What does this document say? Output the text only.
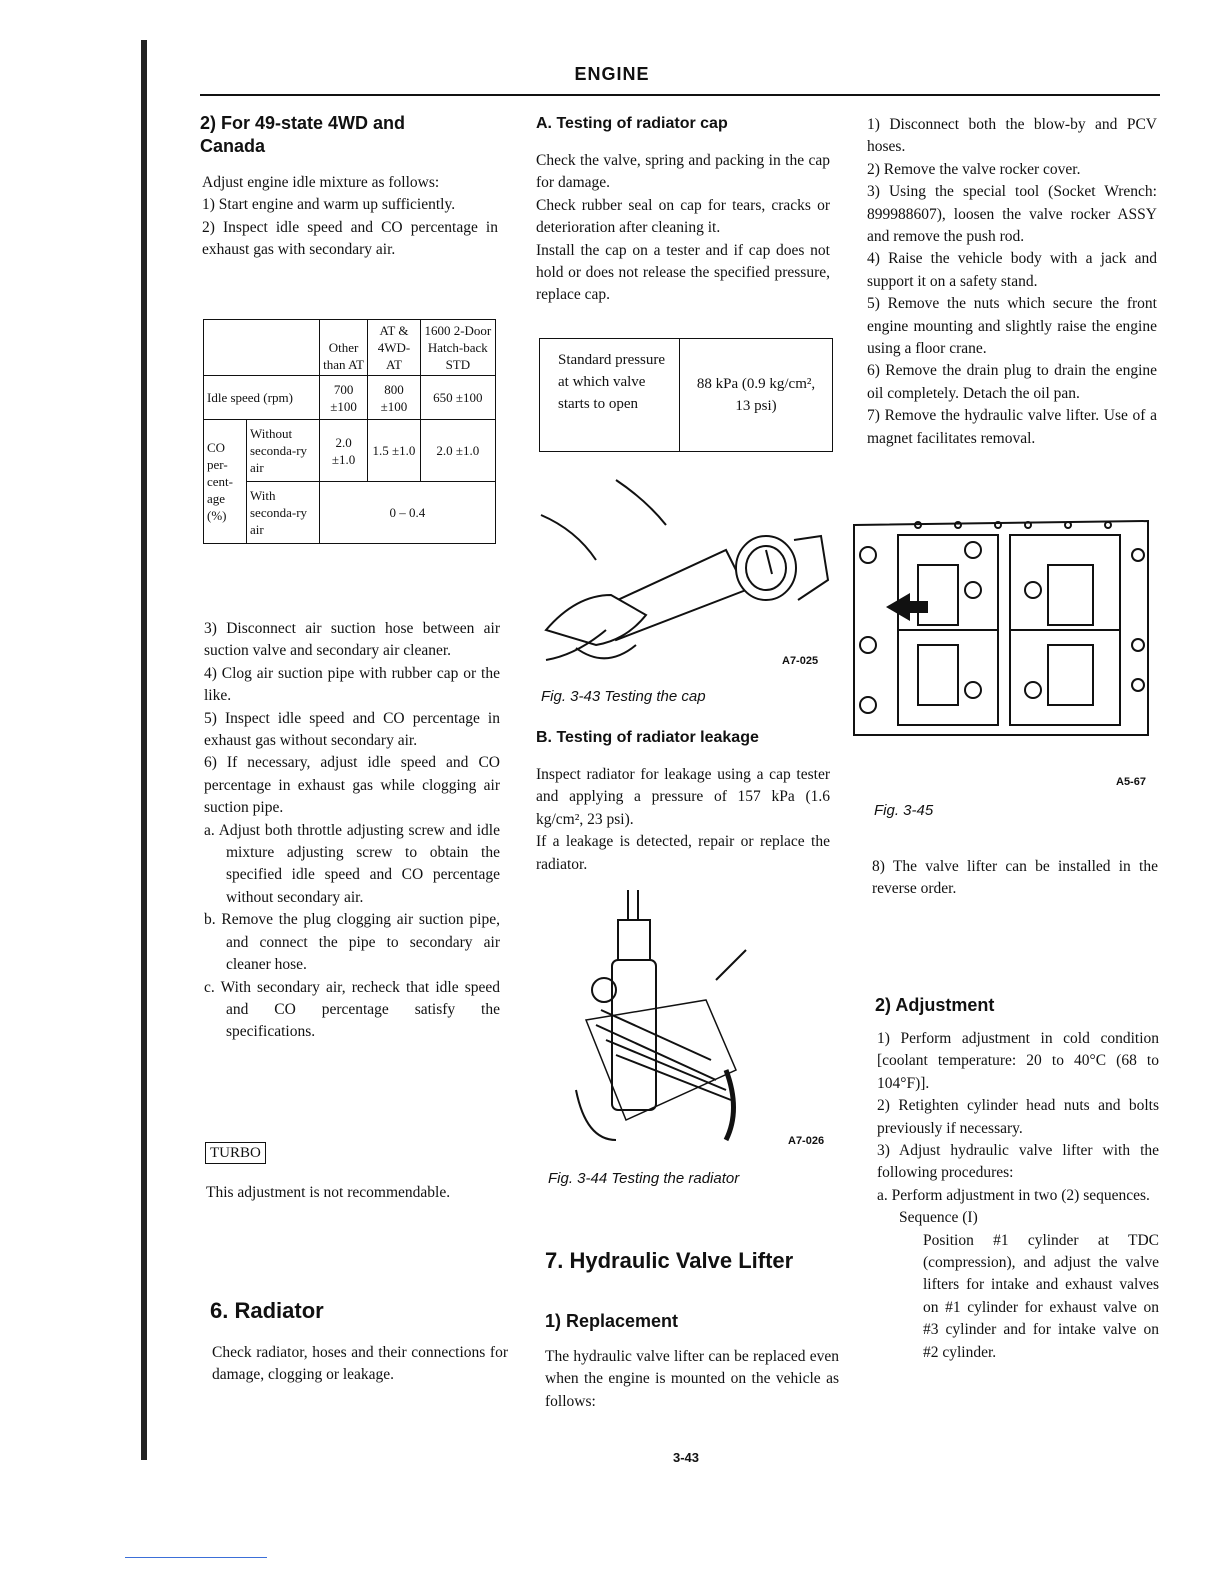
ENGINE
2) For 49-state 4WD and Canada

Adjust engine idle mixture as follows:

1) Start engine and warm up sufficiently.

2) Inspect idle speed and CO percentage in exhaust gas with secondary air.

		Other than AT	AT & 4WD-AT	1600 2-Door Hatch-back STD
Idle speed (rpm)		700 ±100	800 ±100	650 ±100
CO per-cent-age (%)	Without seconda-ry air	2.0 ±1.0	1.5 ±1.0	2.0 ±1.0
	With seconda-ry air	0 – 0.4		

3) Disconnect air suction hose between air suction valve and secondary air cleaner.

4) Clog air suction pipe with rubber cap or the like.

5) Inspect idle speed and CO percentage in exhaust gas without secondary air.

6) If necessary, adjust idle speed and CO percentage in exhaust gas while clogging air suction pipe.

a. Adjust both throttle adjusting screw and idle mixture adjusting screw to obtain the specified idle speed and CO percentage without secondary air.

b. Remove the plug clogging air suction pipe, and connect the pipe to secondary air cleaner hose.

c. With secondary air, recheck that idle speed and CO percentage satisfy the specifications.

TURBO
This adjustment is not recommendable.
6. Radiator
Check radiator, hoses and their connections for damage, clogging or leakage.
A. Testing of radiator cap

Check the valve, spring and packing in the cap for damage.

Check rubber seal on cap for tears, cracks or deterioration after cleaning it.

Install the cap on a tester and if cap does not hold or does not release the specified pressure, replace cap.

Standard pressure at which valve starts to open
88 kPa (0.9 kg/cm², 13 psi)
A7-025
Fig. 3-43 Testing the cap
B. Testing of radiator leakage

Inspect radiator for leakage using a cap tester and applying a pressure of 157 kPa (1.6 kg/cm², 23 psi).

If a leakage is detected, repair or replace the radiator.

A7-026
Fig. 3-44 Testing the radiator
7. Hydraulic Valve Lifter
1) Replacement
The hydraulic valve lifter can be replaced even when the engine is mounted on the vehicle as follows:
3-43

1) Disconnect both the blow-by and PCV hoses.

2) Remove the valve rocker cover.

3) Using the special tool (Socket Wrench: 899988607), loosen the valve rocker ASSY and remove the push rod.

4) Raise the vehicle body with a jack and support it on a safety stand.

5) Remove the nuts which secure the front engine mounting and slightly raise the engine using a floor crane.

6) Remove the drain plug to drain the engine oil completely. Detach the oil pan.

7) Remove the hydraulic valve lifter. Use of a magnet facilitates removal.

A5-67
Fig. 3-45
8) The valve lifter can be installed in the reverse order.
2) Adjustment

1) Perform adjustment in cold condition [coolant temperature: 20 to 40°C (68 to 104°F)].

2) Retighten cylinder head nuts and bolts previously if necessary.

3) Adjust hydraulic valve lifter with the following procedures:

a. Perform adjustment in two (2) sequences.

Sequence (I)

Position #1 cylinder at TDC (compression), and adjust the valve lifters for intake and exhaust valves on #1 cylinder for exhaust valve on #3 cylinder and for intake valve on #2 cylinder.
